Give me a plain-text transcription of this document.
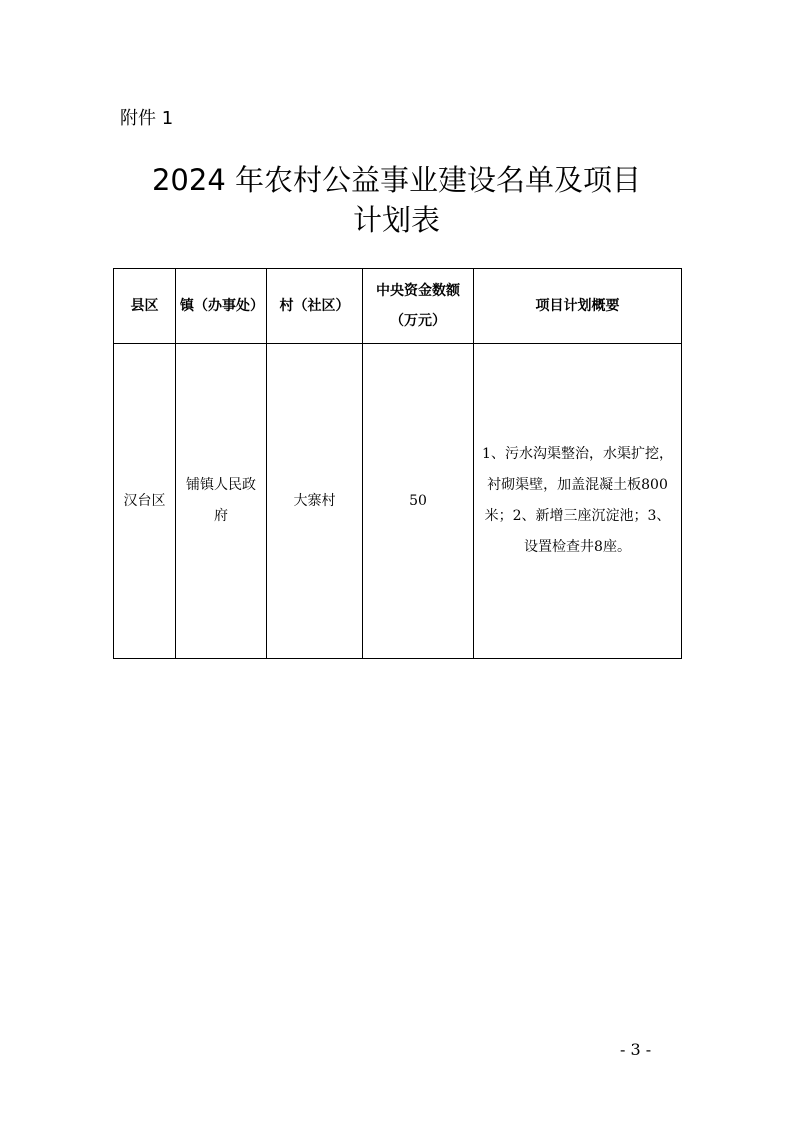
附件 1
2024 年农村公益事业建设名单及项目
计划表
县区	镇（办事处）	村（社区）	中央资金数额（万元）	项目计划概要
汉台区	铺镇人民政府	大寨村	50	1、污水沟渠整治，水渠扩挖，衬砌渠壁，加盖混凝土板800米；2、新增三座沉淀池；3、设置检查井8座。
- 3 -
